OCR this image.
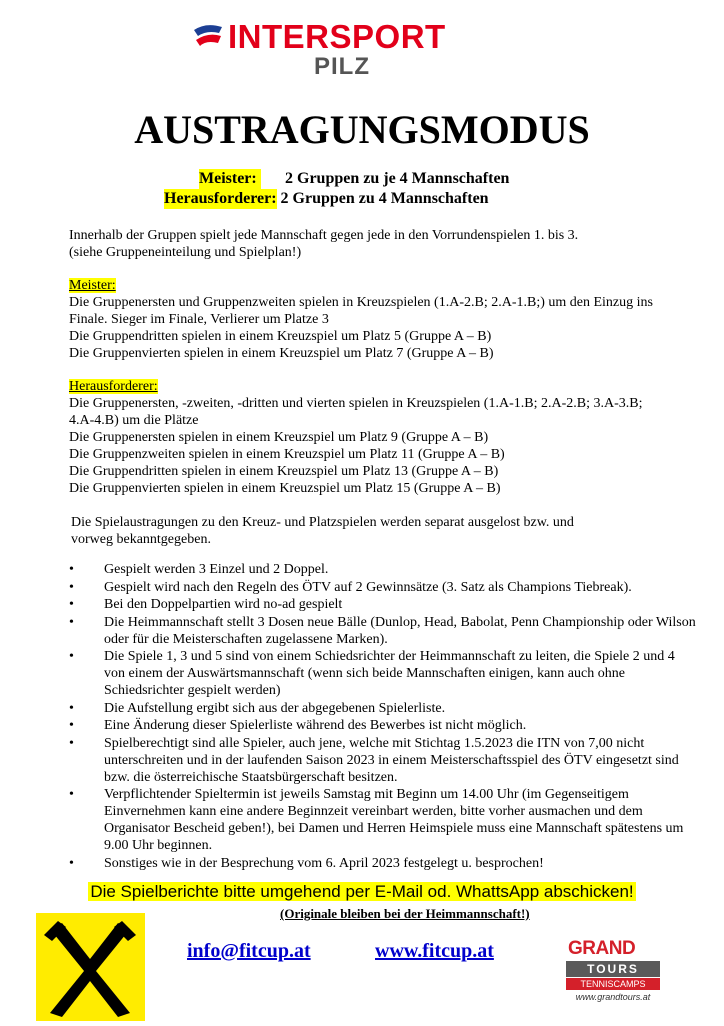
INTERSPORT
PILZ
AUSTRAGUNGSMODUS
Meister: 2 Gruppen zu je 4 Mannschaften
Herausforderer: 2 Gruppen zu 4 Mannschaften
Innerhalb der Gruppen spielt jede Mannschaft gegen jede in den Vorrundenspielen 1. bis 3.
(siehe Gruppeneinteilung und Spielplan!)
Meister:
Die Gruppenersten und Gruppenzweiten spielen in Kreuzspielen (1.A-2.B; 2.A-1.B;) um den Einzug ins
Finale. Sieger im Finale, Verlierer um Platze 3
Die Gruppendritten spielen in einem Kreuzspiel um Platz 5 (Gruppe A – B)
Die Gruppenvierten spielen in einem Kreuzspiel um Platz 7 (Gruppe A – B)
Herausforderer:
Die Gruppenersten, -zweiten, -dritten und vierten spielen in Kreuzspielen (1.A-1.B; 2.A-2.B; 3.A-3.B;
4.A-4.B) um die Plätze
Die Gruppenersten spielen in einem Kreuzspiel um Platz 9 (Gruppe A – B)
Die Gruppenzweiten spielen in einem Kreuzspiel um Platz 11 (Gruppe A – B)
Die Gruppendritten spielen in einem Kreuzspiel um Platz 13 (Gruppe A – B)
Die Gruppenvierten spielen in einem Kreuzspiel um Platz 15 (Gruppe A – B)
Die Spielaustragungen zu den Kreuz- und Platzspielen werden separat ausgelost bzw. und
vorweg bekanntgegeben.
• Gespielt werden 3 Einzel und 2 Doppel.
• Gespielt wird nach den Regeln des ÖTV auf 2 Gewinnsätze (3. Satz als Champions Tiebreak).
• Bei den Doppelpartien wird no-ad gespielt
• Die Heimmannschaft stellt 3 Dosen neue Bälle (Dunlop, Head, Babolat, Penn Championship oder Wilson oder für die Meisterschaften zugelassene Marken).
• Die Spiele 1, 3 und 5 sind von einem Schiedsrichter der Heimmannschaft zu leiten, die Spiele 2 und 4 von einem der Auswärtsmannschaft (wenn sich beide Mannschaften einigen, kann auch ohne Schiedsrichter gespielt werden)
• Die Aufstellung ergibt sich aus der abgegebenen Spielerliste.
• Eine Änderung dieser Spielerliste während des Bewerbes ist nicht möglich.
• Spielberechtigt sind alle Spieler, auch jene, welche mit Stichtag 1.5.2023 die ITN von 7,00 nicht unterschreiten und in der laufenden Saison 2023 in einem Meisterschaftsspiel des ÖTV eingesetzt sind bzw. die österreichische Staatsbürgerschaft besitzen.
• Verpflichtender Spieltermin ist jeweils Samstag mit Beginn um 14.00 Uhr (im Gegenseitigem Einvernehmen kann eine andere Beginnzeit vereinbart werden, bitte vorher ausmachen und dem Organisator Bescheid geben!), bei Damen und Herren Heimspiele muss eine Mannschaft spätestens um 9.00 Uhr beginnen.
• Sonstiges wie in der Besprechung vom 6. April 2023 festgelegt u. besprochen!
Die Spielberichte bitte umgehend per E-Mail od. WhattsApp abschicken!
(Originale bleiben bei der Heimmannschaft!)
info@fitcup.at	www.fitcup.at	GRAND
TOURS
TENNISCAMPS
www.grandtours.at
